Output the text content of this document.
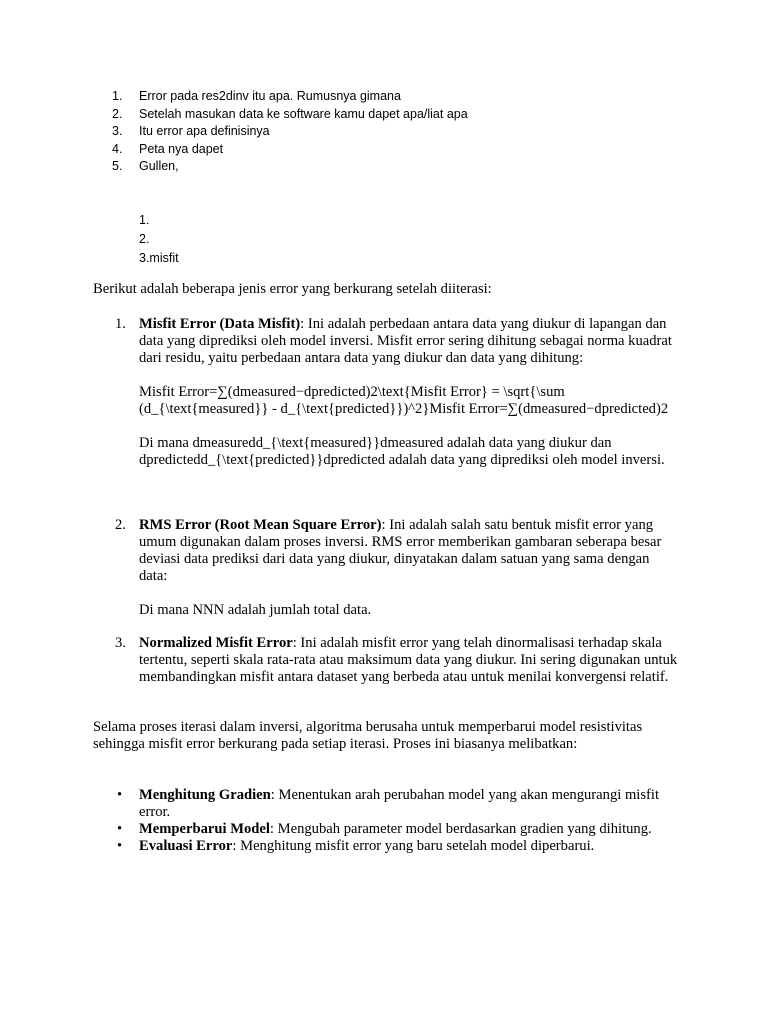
1. Error pada res2dinv itu apa. Rumusnya gimana
2. Setelah masukan data ke software kamu dapet apa/liat apa
3. Itu error apa definisinya
4. Peta nya dapet
5. Gullen,
1.
2.
3.misfit

Berikut adalah beberapa jenis error yang berkurang setelah diiterasi:

1. Misfit Error (Data Misfit): Ini adalah perbedaan antara data yang diukur di lapangan dan data yang diprediksi oleh model inversi. Misfit error sering dihitung sebagai norma kuadrat dari residu, yaitu perbedaan antara data yang diukur dan data yang dihitung:

Misfit Error=∑(dmeasured−dpredicted)2\text{Misfit Error} = \sqrt{\sum (d_{\text{measured}} - d_{\text{predicted}})^2}Misfit Error=∑(dmeasured−dpredicted)2

Di mana dmeasuredd_{\text{measured}}dmeasured adalah data yang diukur dan dpredictedd_{\text{predicted}}dpredicted adalah data yang diprediksi oleh model inversi.

2. RMS Error (Root Mean Square Error): Ini adalah salah satu bentuk misfit error yang umum digunakan dalam proses inversi. RMS error memberikan gambaran seberapa besar deviasi data prediksi dari data yang diukur, dinyatakan dalam satuan yang sama dengan data:

Di mana NNN adalah jumlah total data.

3. Normalized Misfit Error: Ini adalah misfit error yang telah dinormalisasi terhadap skala tertentu, seperti skala rata-rata atau maksimum data yang diukur. Ini sering digunakan untuk membandingkan misfit antara dataset yang berbeda atau untuk menilai konvergensi relatif.

Selama proses iterasi dalam inversi, algoritma berusaha untuk memperbarui model resistivitas sehingga misfit error berkurang pada setiap iterasi. Proses ini biasanya melibatkan:

• Menghitung Gradien: Menentukan arah perubahan model yang akan mengurangi misfit error.
• Memperbarui Model: Mengubah parameter model berdasarkan gradien yang dihitung.
• Evaluasi Error: Menghitung misfit error yang baru setelah model diperbarui.
